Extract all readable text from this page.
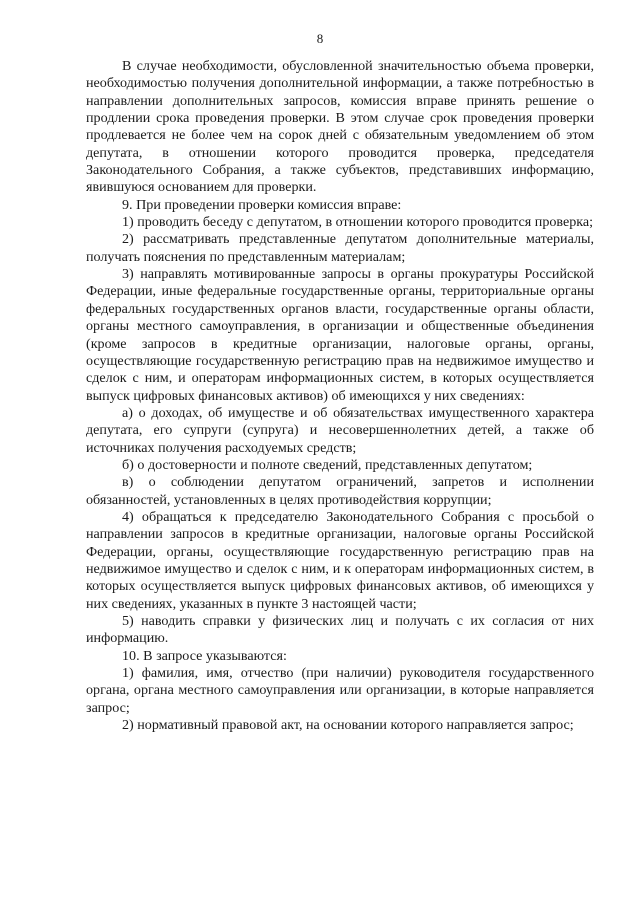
8

В случае необходимости, обусловленной значительностью объема проверки, необходимостью получения дополнительной информации, а также потребностью в направлении дополнительных запросов, комиссия вправе принять решение о продлении срока проведения проверки. В этом случае срок проведения проверки продлевается не более чем на сорок дней с обязательным уведомлением об этом депутата, в отношении которого проводится проверка, председателя Законодательного Собрания, а также субъектов, представивших информацию, явившуюся основанием для проверки.

9. При проведении проверки комиссия вправе:

1) проводить беседу с депутатом, в отношении которого проводится проверка;

2) рассматривать представленные депутатом дополнительные материалы, получать пояснения по представленным материалам;

3) направлять мотивированные запросы в органы прокуратуры Российской Федерации, иные федеральные государственные органы, территориальные органы федеральных государственных органов власти, государственные органы области, органы местного самоуправления, в организации и общественные объединения (кроме запросов в кредитные организации, налоговые органы, органы, осуществляющие государственную регистрацию прав на недвижимое имущество и сделок с ним, и операторам информационных систем, в которых осуществляется выпуск цифровых финансовых активов) об имеющихся у них сведениях:

а) о доходах, об имуществе и об обязательствах имущественного характера депутата, его супруги (супруга) и несовершеннолетних детей, а также об источниках получения расходуемых средств;

б) о достоверности и полноте сведений, представленных депутатом;

в) о соблюдении депутатом ограничений, запретов и исполнении обязанностей, установленных в целях противодействия коррупции;

4) обращаться к председателю Законодательного Собрания с просьбой о направлении запросов в кредитные организации, налоговые органы Российской Федерации, органы, осуществляющие государственную регистрацию прав на недвижимое имущество и сделок с ним, и к операторам информационных систем, в которых осуществляется выпуск цифровых финансовых активов, об имеющихся у них сведениях, указанных в пункте 3 настоящей части;

5) наводить справки у физических лиц и получать с их согласия от них информацию.

10. В запросе указываются:

1) фамилия, имя, отчество (при наличии) руководителя государственного органа, органа местного самоуправления или организации, в которые направляется запрос;

2) нормативный правовой акт, на основании которого направляется запрос;
